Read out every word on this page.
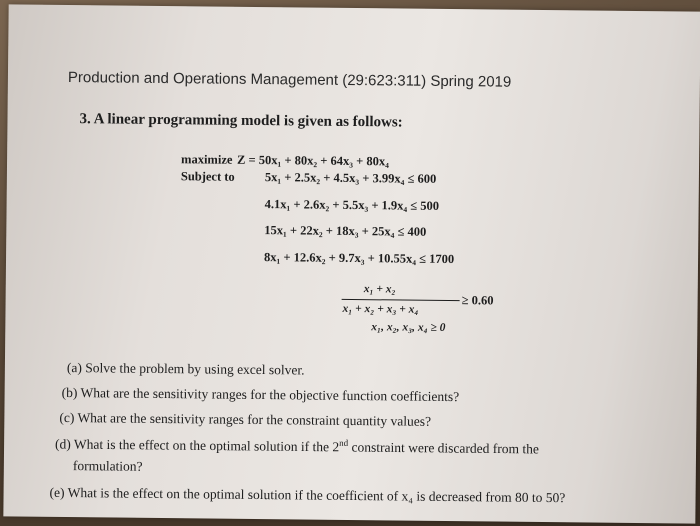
Production and Operations Management (29:623:311) Spring 2019
3. A linear programming model is given as follows:
maximize
Subject to
Z = 50x₁ + 80x₂ + 64x₃ + 80x₄
5x₁ + 2.5x₂ + 4.5x₃ + 3.99x₄ ≤ 600
4.1x₁ + 2.6x₂ + 5.5x₃ + 1.9x₄ ≤ 500
15x₁ + 22x₂ + 18x₃ + 25x₄ ≤ 400
8x₁ + 12.6x₂ + 9.7x₃ + 10.55x₄ ≤ 1700
x₁ + x₂
x₁ + x₂ + x₃ + x₄
≥ 0.60
x₁, x₂, x₃, x₄ ≥ 0
(a) Solve the problem by using excel solver.
(b) What are the sensitivity ranges for the objective function coefficients?
(c) What are the sensitivity ranges for the constraint quantity values?
(d) What is the effect on the optimal solution if the 2nd constraint were discarded from the
formulation?
(e) What is the effect on the optimal solution if the coefficient of x₄ is decreased from 80 to 50?
